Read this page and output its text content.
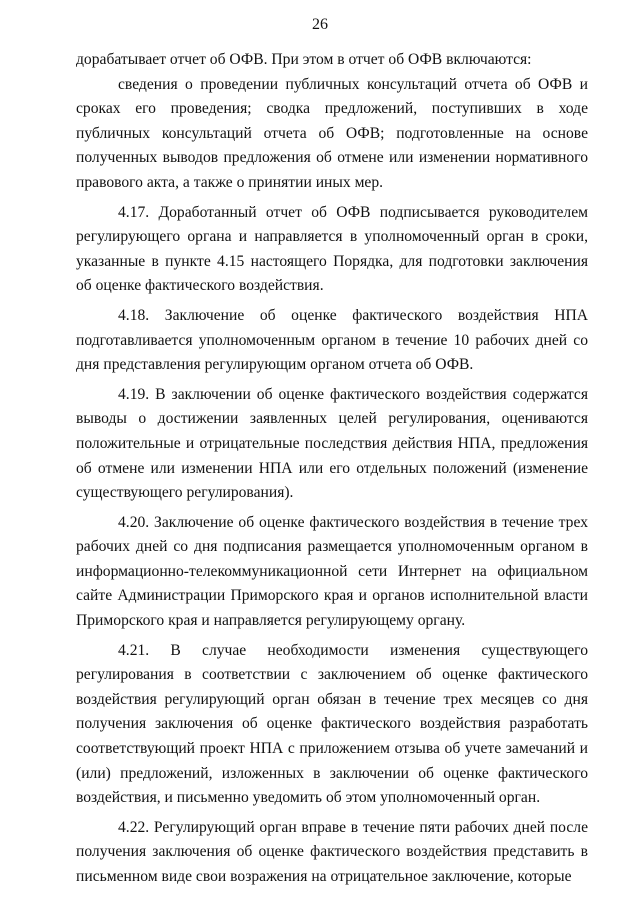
26

дорабатывает отчет об ОФВ. При этом в отчет об ОФВ включаются:

сведения о проведении публичных консультаций отчета об ОФВ и сроках его проведения; сводка предложений, поступивших в ходе публичных консультаций отчета об ОФВ; подготовленные на основе полученных выводов предложения об отмене или изменении нормативного правового акта, а также о принятии иных мер.

4.17. Доработанный отчет об ОФВ подписывается руководителем регулирующего органа и направляется в уполномоченный орган в сроки, указанные в пункте 4.15 настоящего Порядка, для подготовки заключения об оценке фактического воздействия.

4.18. Заключение об оценке фактического воздействия НПА подготавливается уполномоченным органом в течение 10 рабочих дней со дня представления регулирующим органом отчета об ОФВ.

4.19. В заключении об оценке фактического воздействия содержатся выводы о достижении заявленных целей регулирования, оцениваются положительные и отрицательные последствия действия НПА, предложения об отмене или изменении НПА или его отдельных положений (изменение существующего регулирования).

4.20. Заключение об оценке фактического воздействия в течение трех рабочих дней со дня подписания размещается уполномоченным органом в информационно-телекоммуникационной сети Интернет на официальном сайте Администрации Приморского края и органов исполнительной власти Приморского края и направляется регулирующему органу.

4.21. В случае необходимости изменения существующего регулирования в соответствии с заключением об оценке фактического воздействия регулирующий орган обязан в течение трех месяцев со дня получения заключения об оценке фактического воздействия разработать соответствующий проект НПА с приложением отзыва об учете замечаний и (или) предложений, изложенных в заключении об оценке фактического воздействия, и письменно уведомить об этом уполномоченный орган.

4.22. Регулирующий орган вправе в течение пяти рабочих дней после получения заключения об оценке фактического воздействия представить в письменном виде свои возражения на отрицательное заключение, которые
